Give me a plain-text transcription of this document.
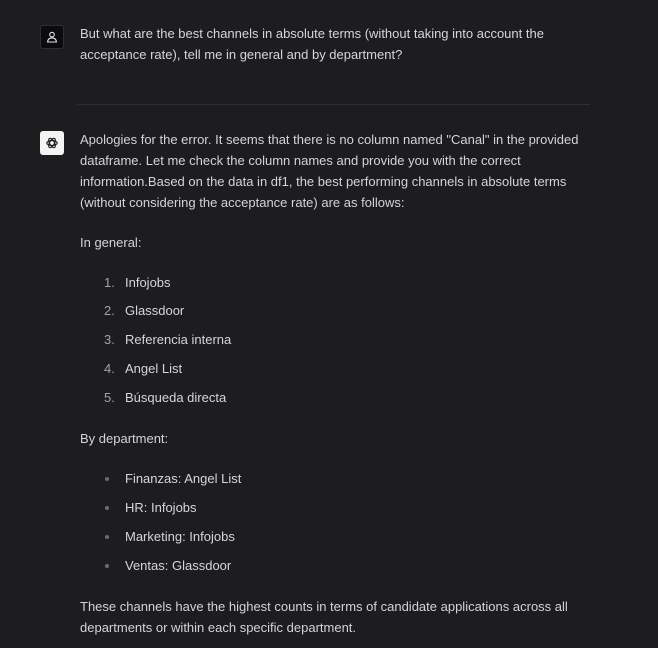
But what are the best channels in absolute terms (without taking into account the acceptance rate), tell me in general and by department?
Apologies for the error. It seems that there is no column named "Canal" in the provided dataframe. Let me check the column names and provide you with the correct information.Based on the data in df1, the best performing channels in absolute terms (without considering the acceptance rate) are as follows:
In general:
1. Infojobs
2. Glassdoor
3. Referencia interna
4. Angel List
5. Búsqueda directa
By department:
Finanzas: Angel List
HR: Infojobs
Marketing: Infojobs
Ventas: Glassdoor
These channels have the highest counts in terms of candidate applications across all departments or within each specific department.
